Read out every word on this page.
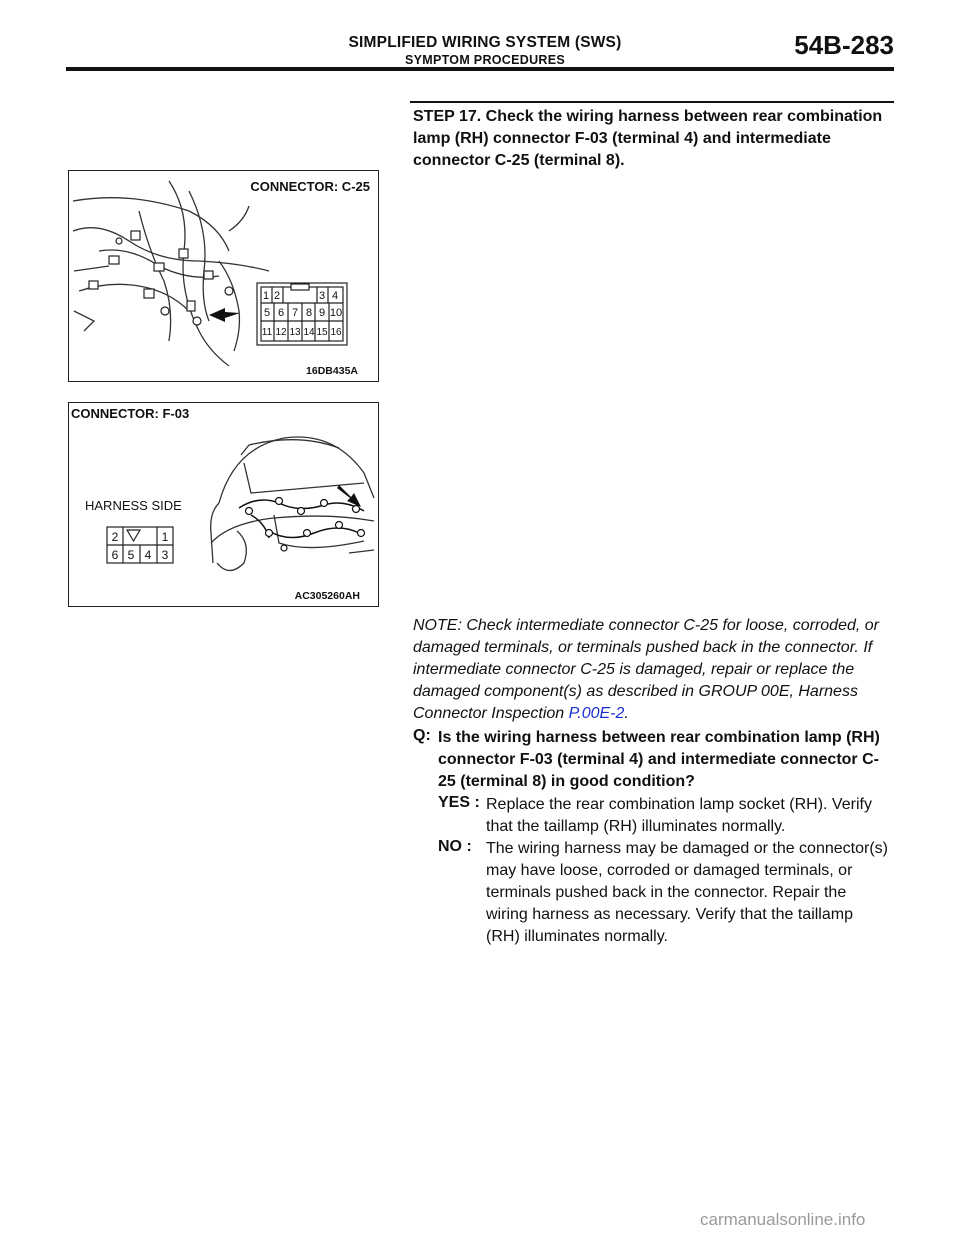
SIMPLIFIED WIRING SYSTEM (SWS)
SYMPTOM PROCEDURES	54B-283
STEP 17. Check the wiring harness between rear combination lamp (RH) connector F-03 (terminal 4) and intermediate connector C-25 (terminal 8).
1 2	3 4
5 6 7 8 9 10
11 12 13 14 15 16
CONNECTOR: C-25
16DB435A
2	1
6 5 4 3
CONNECTOR: F-03
HARNESS SIDE
AC305260AH
NOTE: Check intermediate connector C-25 for loose, corroded, or damaged terminals, or terminals pushed back in the connector. If intermediate connector C-25 is damaged, repair or replace the damaged component(s) as described in GROUP 00E, Harness Connector Inspection P.00E-2.
Q: Is the wiring harness between rear combination lamp (RH) connector F-03 (terminal 4) and intermediate connector C-25 (terminal 8) in good condition?
YES : Replace the rear combination lamp socket (RH). Verify that the taillamp (RH) illuminates normally.
NO : The wiring harness may be damaged or the connector(s) may have loose, corroded or damaged terminals, or terminals pushed back in the connector. Repair the wiring harness as necessary. Verify that the taillamp (RH) illuminates normally.
carmanualsonline.info
